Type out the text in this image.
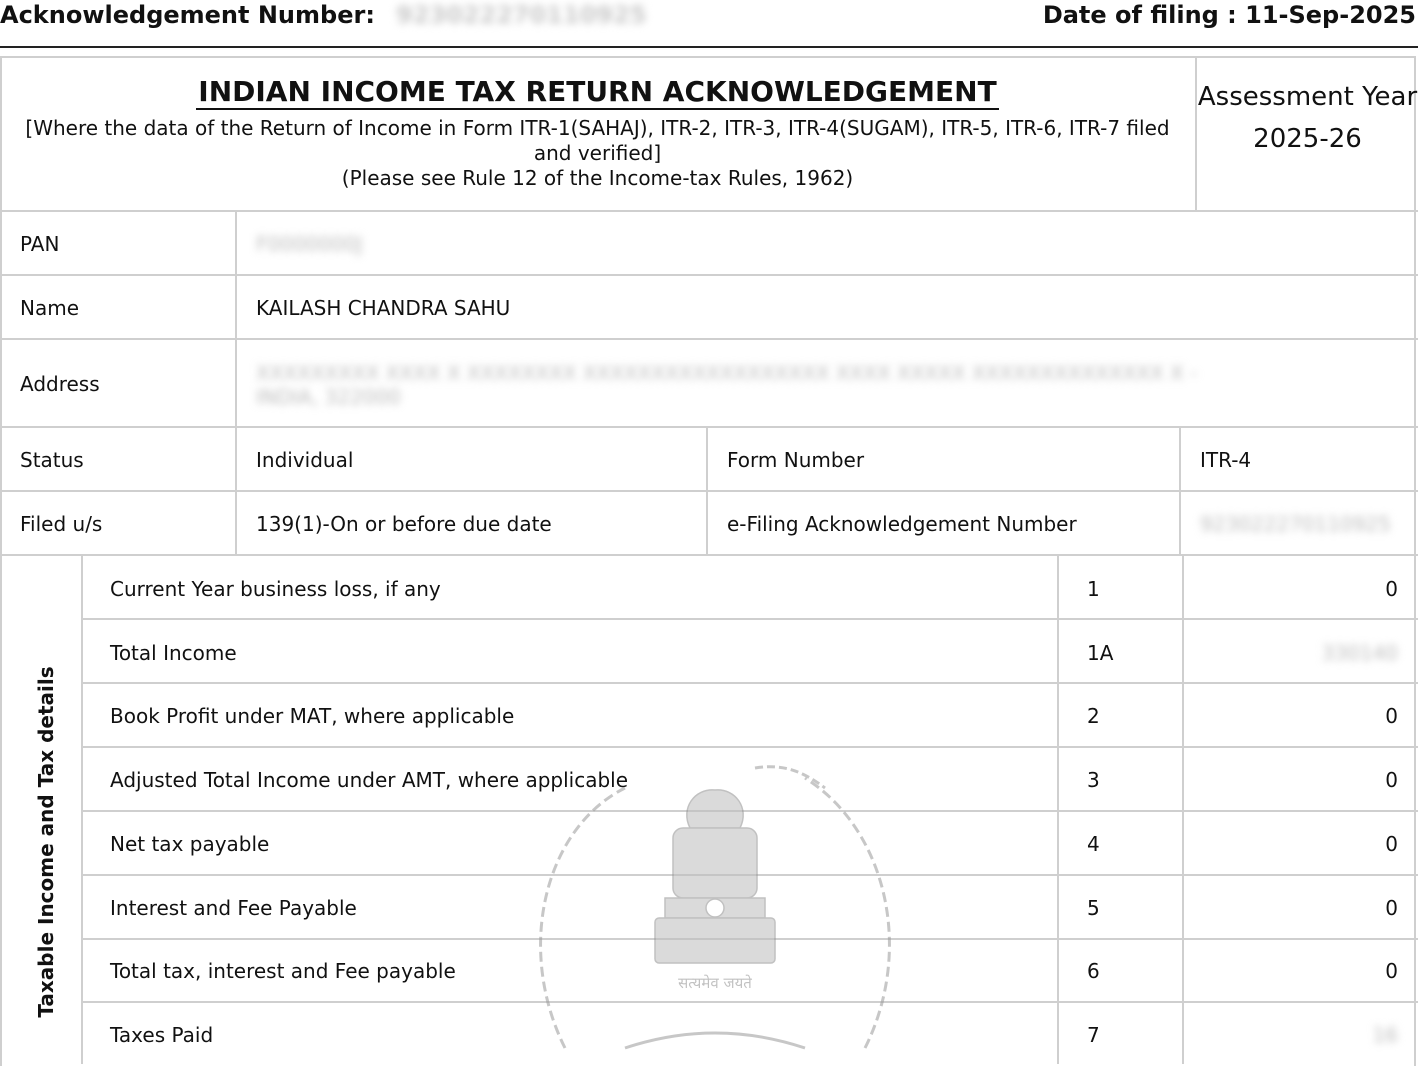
Acknowledgement Number: 923022270110925	Date of filing : 11-Sep-2025
INDIAN INCOME TAX RETURN ACKNOWLEDGEMENT
[Where the data of the Return of Income in Form ITR-1(SAHAJ), ITR-2, ITR-3, ITR-4(SUGAM), ITR-5, ITR-6, ITR-7 filed and verified]
(Please see Rule 12 of the Income-tax Rules, 1962)
Assessment Year
2025-26
PAN	F0000000J
Name	KAILASH CHANDRA SAHU
Address	XXXXXXXXX XXXX X XXXXXXXX XXXXXXXXXXXXXXXXXX XXXX XXXXX XXXXXXXXXXXXXX X -
INDIA, 322000
Status	Individual	Form Number	ITR-4
Filed u/s	139(1)-On or before due date	e-Filing Acknowledgement Number	923022270110925
Taxable Income and Tax details	सत्यमेव जयते
Current Year business loss, if any	1	0
Total Income	1A	330140
Book Profit under MAT, where applicable	2	0
Adjusted Total Income under AMT, where applicable	3	0
Net tax payable	4	0
Interest and Fee Payable	5	0
Total tax, interest and Fee payable	6	0
Taxes Paid	7	16
